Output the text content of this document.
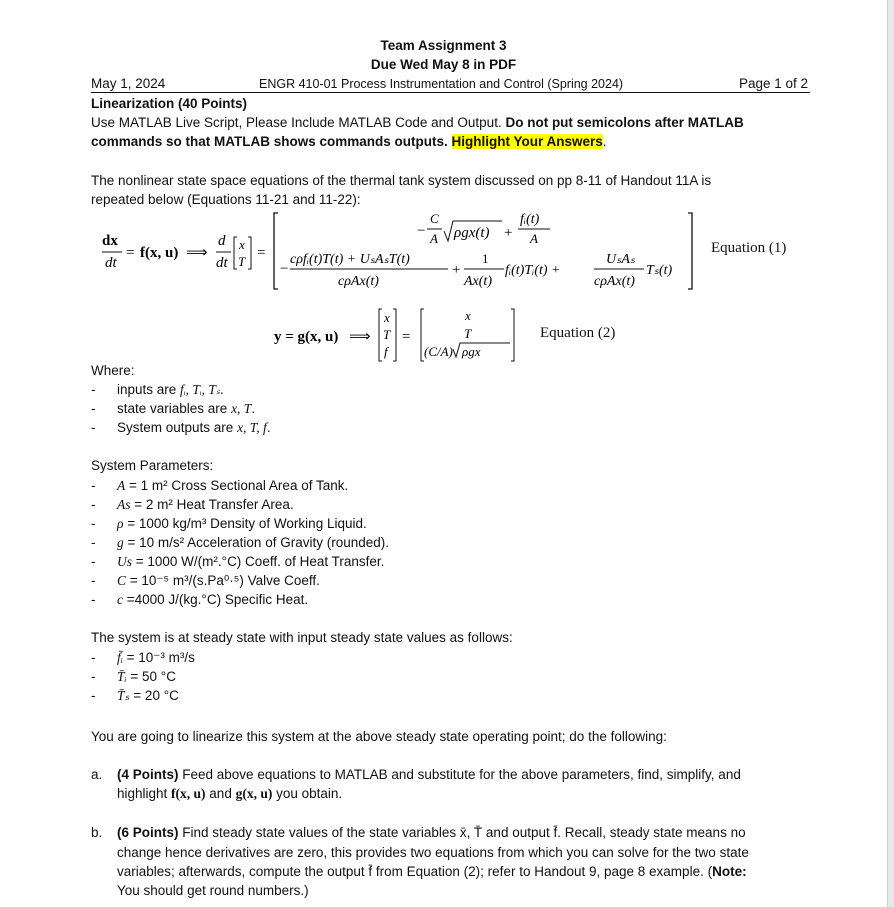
Team Assignment 3
Due Wed May 8 in PDF
May 1, 2024	ENGR 410-01 Process Instrumentation and Control (Spring 2024)	Page 1 of 2
Linearization (40 Points)
Use MATLAB Live Script, Please Include MATLAB Code and Output. Do not put semicolons after MATLAB
commands so that MATLAB shows commands outputs. Highlight Your Answers.
The nonlinear state space equations of the thermal tank system discussed on pp 8-11 of Handout 11A is
repeated below (Equations 11-21 and 11-22):
dx
dt
= f(x, u) ⟹
d
dt
x
T
=
C
− A ρgx(t) +
fᵢ(t)
A
−
cρfᵢ(t)T(t) + UₛAₛT(t)
cρAx(t)
+
1
Ax(t)
fᵢ(t)Tᵢ(t) +
UₛAₛ
cρAx(t)
Tₛ(t)
Equation (1)
y = g(x, u) ⟹
x
T
f
=
x
T
(C/A) ρgx
Equation (2)
Where:
- inputs are fᵢ, Tᵢ, Tₛ.
- state variables are x, T.
- System outputs are x, T, f.
System Parameters:
- A = 1 m² Cross Sectional Area of Tank.
- As = 2 m² Heat Transfer Area.
- ρ = 1000 kg/m³ Density of Working Liquid.
- g = 10 m/s² Acceleration of Gravity (rounded).
- Us = 1000 W/(m².°C) Coeff. of Heat Transfer.
- C = 10⁻⁵ m³/(s.Pa⁰·⁵) Valve Coeff.
- c =4000 J/(kg.°C) Specific Heat.
The system is at steady state with input steady state values as follows:
- f̄ᵢ = 10⁻³ m³/s
- T̄ᵢ = 50 °C
- T̄ₛ = 20 °C
You are going to linearize this system at the above steady state operating point; do the following:
a. (4 Points) Feed above equations to MATLAB and substitute for the above parameters, find, simplify, and
highlight f(x, u) and g(x, u) you obtain.
b. (6 Points) Find steady state values of the state variables x̄, T̄ and output f̄. Recall, steady state means no
change hence derivatives are zero, this provides two equations from which you can solve for the two state
variables; afterwards, compute the output f̄ from Equation (2); refer to Handout 9, page 8 example. (Note:
You should get round numbers.)
